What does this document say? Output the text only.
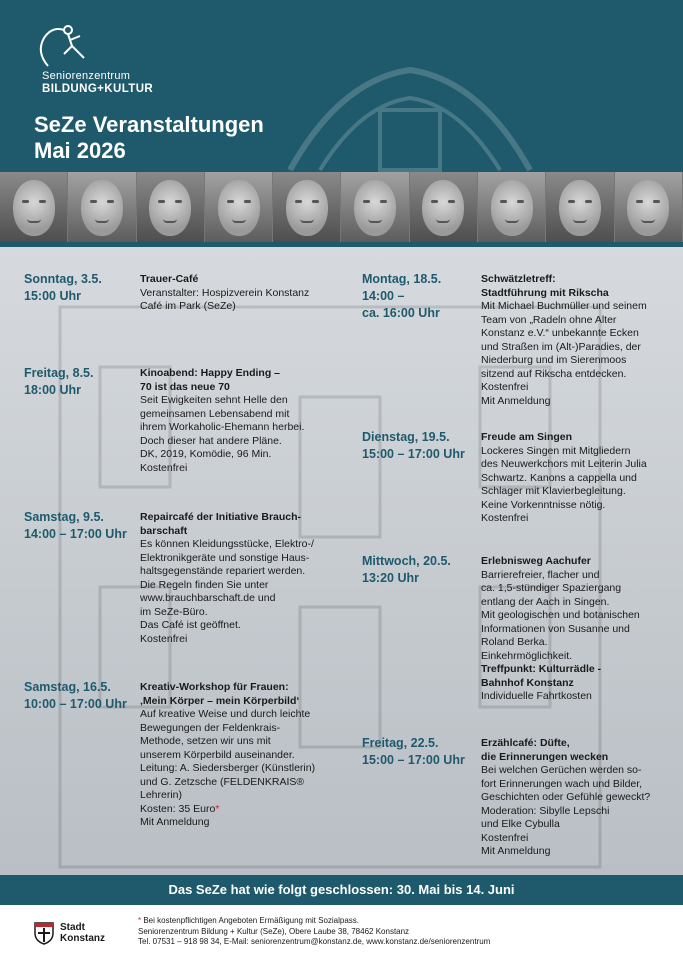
Seniorenzentrum
BILDUNG+KULTUR
SeZe Veranstaltungen
Mai 2026
Sonntag, 3.5.
15:00 Uhr
Trauer-Café
Veranstalter: Hospizverein Konstanz
Café im Park (SeZe)
Freitag, 8.5.
18:00 Uhr
Kinoabend: Happy Ending –
70 ist das neue 70
Seit Ewigkeiten sehnt Helle den
gemeinsamen Lebensabend mit
ihrem Workaholic-Ehemann herbei.
Doch dieser hat andere Pläne.
DK, 2019, Komödie, 96 Min.
Kostenfrei
Samstag, 9.5.
14:00 – 17:00 Uhr
Repaircafé der Initiative Brauch-
barschaft
Es können Kleidungsstücke, Elektro-/
Elektronikgeräte und sonstige Haus-
haltsgegenstände repariert werden.
Die Regeln finden Sie unter
www.brauchbarschaft.de und
im SeZe-Büro.
Das Café ist geöffnet.
Kostenfrei
Samstag, 16.5.
10:00 – 17:00 Uhr
Kreativ-Workshop für Frauen:
‚Mein Körper – mein Körperbild‘
Auf kreative Weise und durch leichte
Bewegungen der Feldenkrais-
Methode, setzen wir uns mit
unserem Körperbild auseinander.
Leitung: A. Siedersberger (Künstlerin)
und G. Zetzsche (FELDENKRAIS®
Lehrerin)
Kosten: 35 Euro*
Mit Anmeldung
Montag, 18.5.
14:00 –
ca. 16:00 Uhr
Schwätzletreff:
Stadtführung mit Rikscha
Mit Michael Buchmüller und seinem
Team von „Radeln ohne Alter
Konstanz e.V.“ unbekannte Ecken
und Straßen im (Alt-)Paradies, der
Niederburg und im Sierenmoos
sitzend auf Rikscha entdecken.
Kostenfrei
Mit Anmeldung
Dienstag, 19.5.
15:00 – 17:00 Uhr
Freude am Singen
Lockeres Singen mit Mitgliedern
des Neuwerkchors mit Leiterin Julia
Schwartz. Kanons a cappella und
Schlager mit Klavierbegleitung.
Keine Vorkenntnisse nötig.
Kostenfrei
Mittwoch, 20.5.
13:20 Uhr
Erlebnisweg Aachufer
Barrierefreier, flacher und
ca. 1,5-stündiger Spaziergang
entlang der Aach in Singen.
Mit geologischen und botanischen
Informationen von Susanne und
Roland Berka.
Einkehrmöglichkeit.
Treffpunkt: Kulturrädle -
Bahnhof Konstanz
Individuelle Fahrtkosten
Freitag, 22.5.
15:00 – 17:00 Uhr
Erzählcafé: Düfte,
die Erinnerungen wecken
Bei welchen Gerüchen werden so-
fort Erinnerungen wach und Bilder,
Geschichten oder Gefühle geweckt?
Moderation: Sibylle Lepschi
und Elke Cybulla
Kostenfrei
Mit Anmeldung
Das SeZe hat wie folgt geschlossen: 30. Mai bis 14. Juni
Stadt
Konstanz
* Bei kostenpflichtigen Angeboten Ermäßigung mit Sozialpass.
Seniorenzentrum Bildung + Kultur (SeZe), Obere Laube 38, 78462 Konstanz
Tel. 07531 – 918 98 34, E-Mail: seniorenzentrum@konstanz.de, www.konstanz.de/seniorenzentrum
